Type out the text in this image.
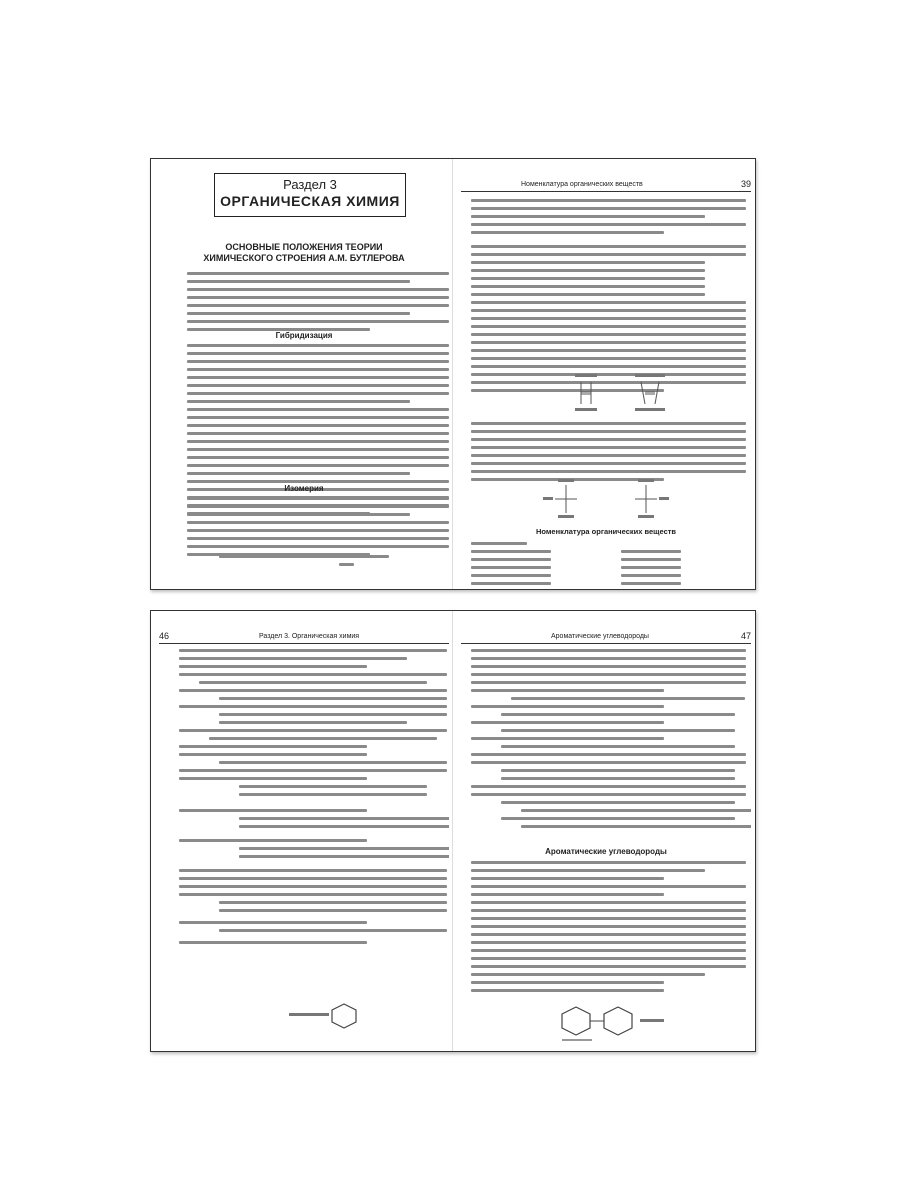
Раздел 3
ОРГАНИЧЕСКАЯ ХИМИЯ
ОСНОВНЫЕ ПОЛОЖЕНИЯ ТЕОРИИ
ХИМИЧЕСКОГО СТРОЕНИЯ А.М. БУТЛЕРОВА
Гибридизация
Изомерия
Номенклатура органических веществ	39
Номенклатура органических веществ
46	Раздел 3. Органическая химия	Ароматические углеводороды	47
Ароматические углеводороды
